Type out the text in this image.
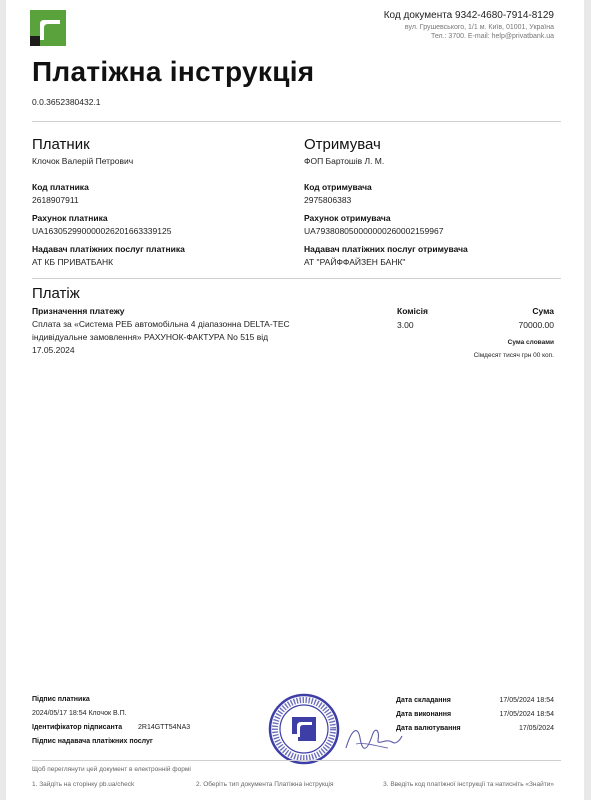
Код документа 9342-4680-7914-8129
вул. Грушевського, 1/1 м. Київ, 01001, Україна
Тел.: 3700. E-mail: help@privatbank.ua
Платіжна інструкція
0.0.3652380432.1
Платник
Клочок Валерій Петрович
Код платника
2618907911
Рахунок платника
UA163052990000026201663339125
Надавач платіжних послуг платника
АТ КБ ПРИВАТБАНК
Отримувач
ФОП Бартошів Л. М.
Код отримувача
2975806383
Рахунок отримувача
UA793808050000000260002159967
Надавач платіжних послуг отримувача
АТ "РАЙФФАЙЗЕН БАНК"
Платіж
Призначення платежу
Сплата за «Система РЕБ автомобільна 4 діапазонна DELTA-TEC індивідуальне замовлення» РАХУНОК-ФАКТУРА No 515 від 17.05.2024
Комісія
3.00
Сума
70000.00
Сума словами
Сімдесят тисяч грн 00 коп.
Підпис платника
2024/05/17 18:54 Клочок В.П.
Ідентифікатор підписанта 2R14GTT54NA3
Підпис надавача платіжних послуг
Дата складання	17/05/2024 18:54
Дата виконання	17/05/2024 18:54
Дата валютування	17/05/2024
Щоб переглянути цей документ в електронній формі
1. Зайдіть на сторінку pb.ua/check	2. Оберіть тип документа Платіжна інструкція	3. Введіть код платіжної інструкції та натисніть «Знайти»
